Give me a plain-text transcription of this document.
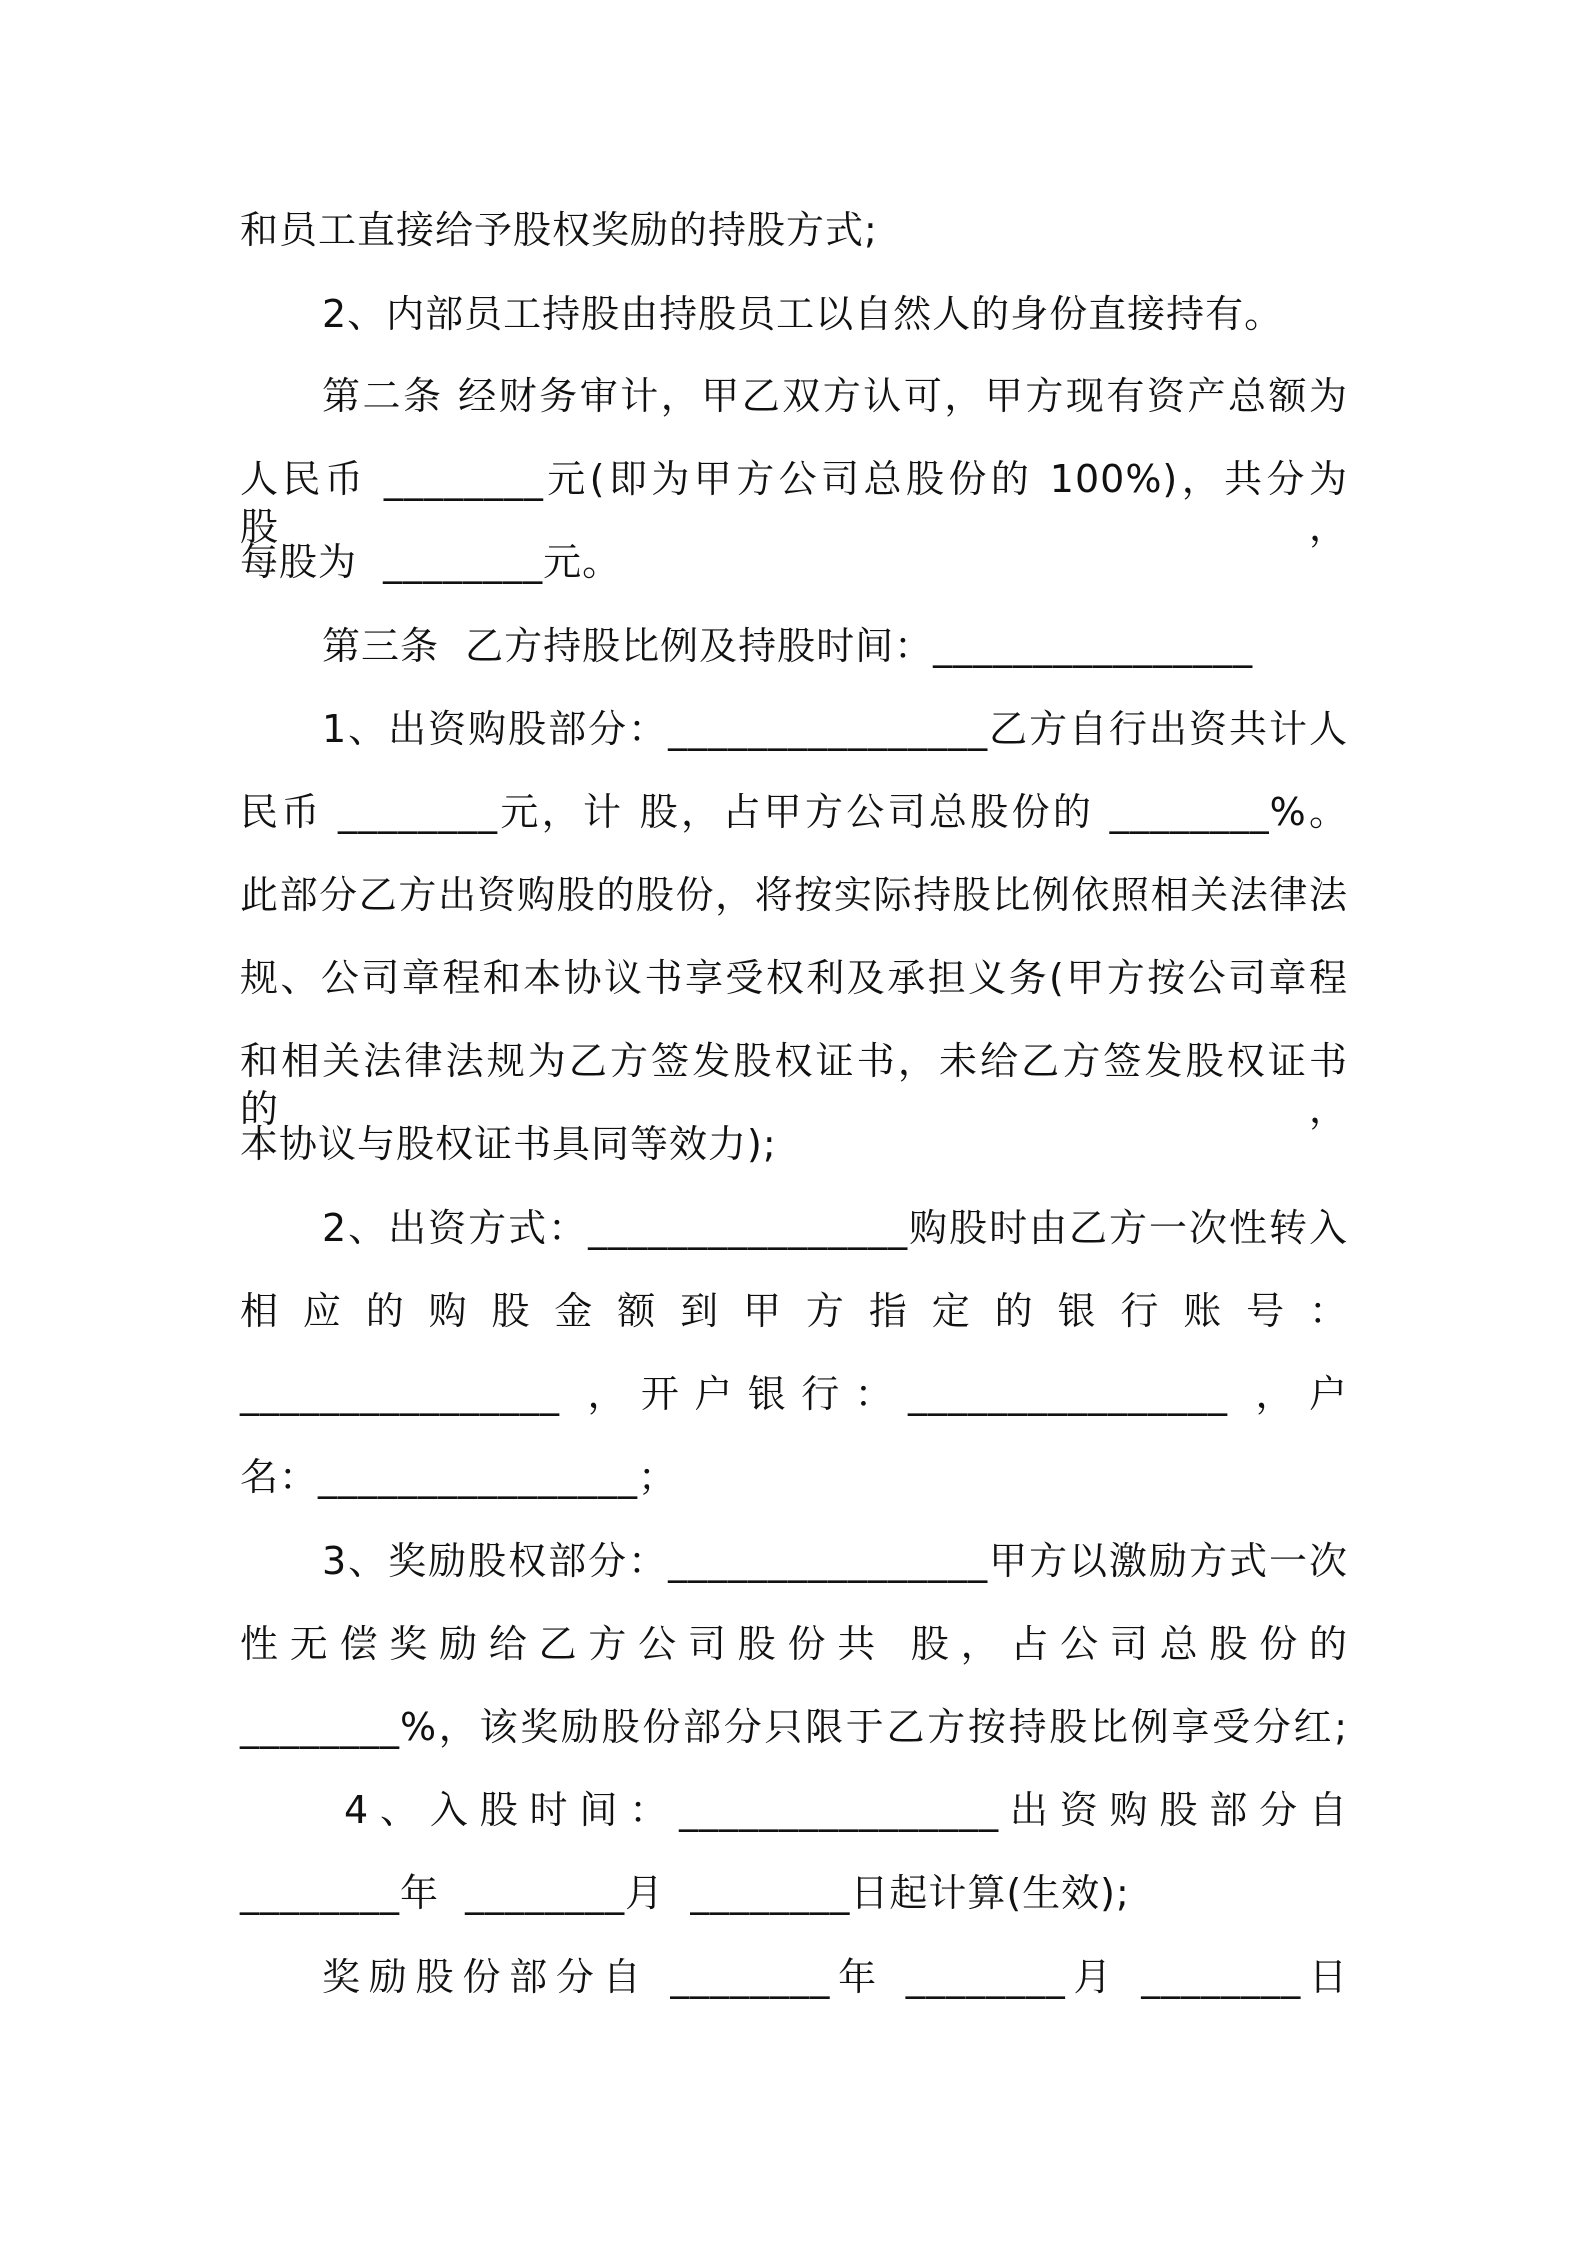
和员工直接给予股权奖励的持股方式;
2、内部员工持股由持股员工以自然人的身份直接持有。
第二条 经财务审计，甲乙双方认可，甲方现有资产总额为
人民币 ________元(即为甲方公司总股份的 100%)，共分为 股，
每股为  ________元。
第三条  乙方持股比例及持股时间：________________
1、出资购股部分：________________乙方自行出资共计人
民币 ________元，计 股，占甲方公司总股份的 ________%。
此部分乙方出资购股的股份，将按实际持股比例依照相关法律法
规、公司章程和本协议书享受权利及承担义务(甲方按公司章程
和相关法律法规为乙方签发股权证书，未给乙方签发股权证书的，
本协议与股权证书具同等效力);
2、出资方式：________________购股时由乙方一次性转入
相应的购股金额到甲方指定的银行账号：
________________ ，开户银行：________________ ，户
名：________________；
3、奖励股权部分：________________甲方以激励方式一次
性无偿奖励给乙方公司股份共 股，占公司总股份的
________%，该奖励股份部分只限于乙方按持股比例享受分红;
4、入股时间：________________出资购股部分自
________年  ________月  ________日起计算(生效);
奖励股份部分自 ________年 ________月 ________日
